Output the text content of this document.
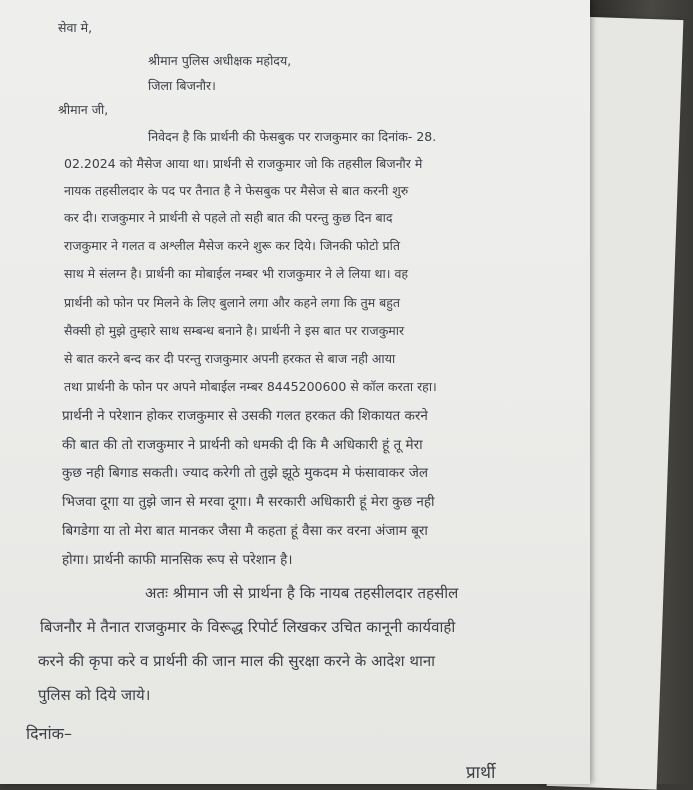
सेवा मे,
श्रीमान पुलिस अधीक्षक महोदय,
जिला बिजनौर।
श्रीमान जी,
निवेदन है कि प्रार्थनी की फेसबुक पर राजकुमार का दिनांक- 28.
02.2024 को मैसेज आया था। प्रार्थनी से राजकुमार जो कि तहसील बिजनौर मे
नायक तहसीलदार के पद पर तैनात है ने फेसबुक पर मैसेज से बात करनी शुरु
कर दी। राजकुमार ने प्रार्थनी से पहले तो सही बात की परन्तु कुछ दिन बाद
राजकुमार ने गलत व अश्लील मैसेज करने शुरू कर दिये। जिनकी फोटो प्रति
साथ मे संलग्न है। प्रार्थनी का मोबाईल नम्बर भी राजकुमार ने ले लिया था। वह
प्रार्थनी को फोन पर मिलने के लिए बुलाने लगा और कहने लगा कि तुम बहुत
सैक्सी हो मुझे तुम्हारे साथ सम्बन्ध बनाने है। प्रार्थनी ने इस बात पर राजकुमार
से बात करने बन्द कर दी परन्तु राजकुमार अपनी हरकत से बाज नही आया
तथा प्रार्थनी के फोन पर अपने मोबाईल नम्बर 8445200600 से कॉल करता रहा।
प्रार्थनी ने परेशान होकर राजकुमार से उसकी गलत हरकत की शिकायत करने
की बात की तो राजकुमार ने प्रार्थनी को धमकी दी कि मै अधिकारी हूं तू मेरा
कुछ नही बिगाड सकती। ज्याद करेगी तो तुझे झूठे मुकदम मे फंसावाकर जेल
भिजवा दूगा या तुझे जान से मरवा दूगा। मै सरकारी अधिकारी हूं मेरा कुछ नही
बिगडेगा या तो मेरा बात मानकर जैसा मै कहता हूं वैसा कर वरना अंजाम बूरा
होगा। प्रार्थनी काफी मानसिक रूप से परेशान है।
अतः श्रीमान जी से प्रार्थना है कि नायब तहसीलदार तहसील
बिजनौर मे तैनात राजकुमार के विरूद्ध रिपोर्ट लिखकर उचित कानूनी कार्यवाही
करने की कृपा करे व प्रार्थनी की जान माल की सुरक्षा करने के आदेश थाना
पुलिस को दिये जाये।
दिनांक–
प्रार्थी
